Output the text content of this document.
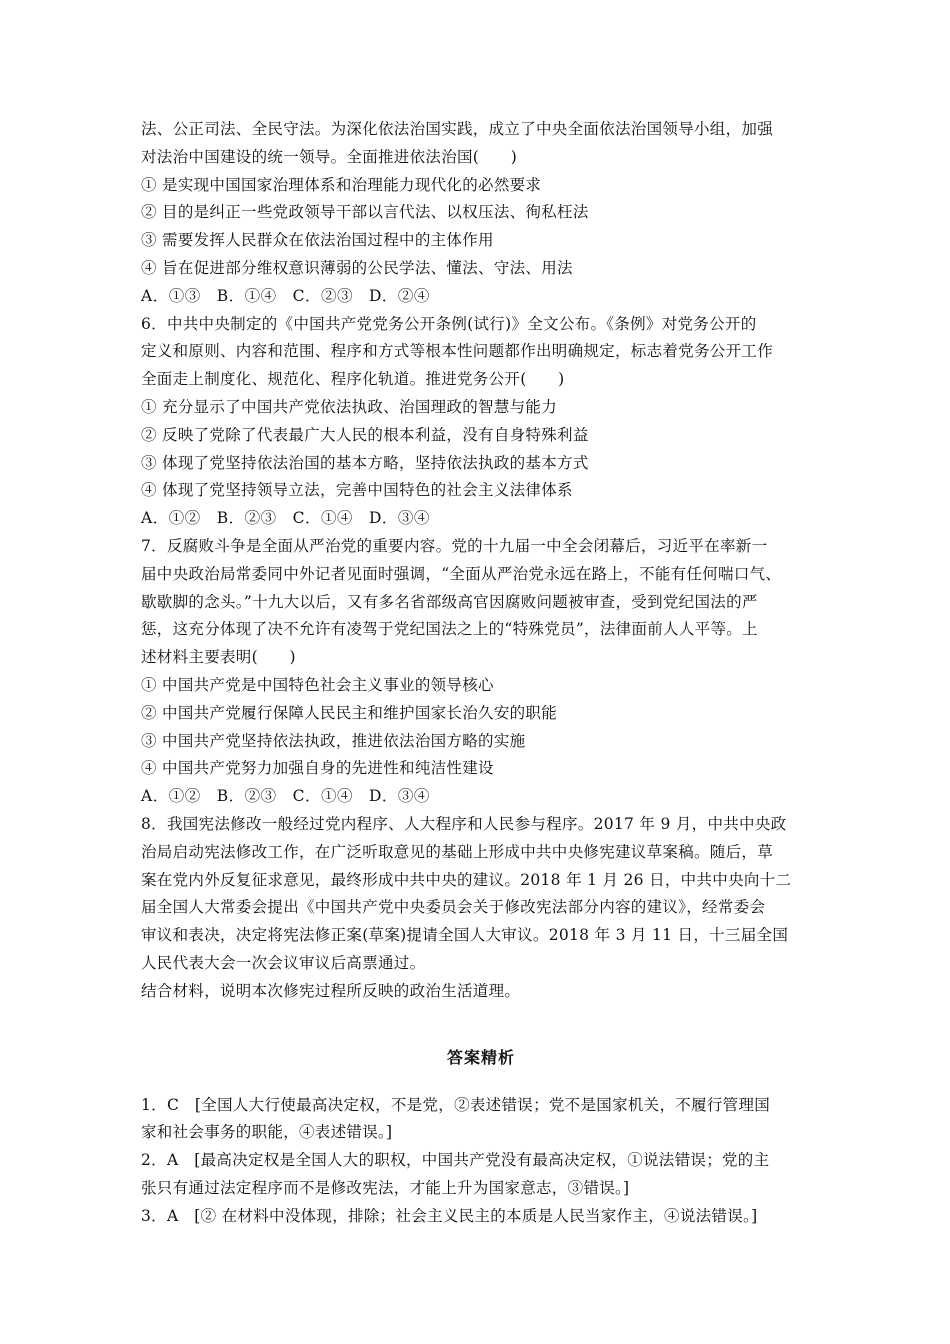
法、公正司法、全民守法。为深化依法治国实践，成立了中央全面依法治国领导小组，加强
对法治中国建设的统一领导。全面推进依法治国(　　)
① 是实现中国国家治理体系和治理能力现代化的必然要求
② 目的是纠正一些党政领导干部以言代法、以权压法、徇私枉法
③ 需要发挥人民群众在依法治国过程中的主体作用
④ 旨在促进部分维权意识薄弱的公民学法、懂法、守法、用法
A．①③　B．①④　C．②③　D．②④
6．中共中央制定的《中国共产党党务公开条例(试行)》全文公布。《条例》对党务公开的
定义和原则、内容和范围、程序和方式等根本性问题都作出明确规定，标志着党务公开工作
全面走上制度化、规范化、程序化轨道。推进党务公开(　　)
① 充分显示了中国共产党依法执政、治国理政的智慧与能力
② 反映了党除了代表最广大人民的根本利益，没有自身特殊利益
③ 体现了党坚持依法治国的基本方略，坚持依法执政的基本方式
④ 体现了党坚持领导立法，完善中国特色的社会主义法律体系
A．①②　B．②③　C．①④　D．③④
7．反腐败斗争是全面从严治党的重要内容。党的十九届一中全会闭幕后，习近平在率新一
届中央政治局常委同中外记者见面时强调，“全面从严治党永远在路上，不能有任何喘口气、
歇歇脚的念头。”十九大以后，又有多名省部级高官因腐败问题被审查，受到党纪国法的严
惩，这充分体现了决不允许有凌驾于党纪国法之上的“特殊党员”，法律面前人人平等。上
述材料主要表明(　　)
① 中国共产党是中国特色社会主义事业的领导核心
② 中国共产党履行保障人民民主和维护国家长治久安的职能
③ 中国共产党坚持依法执政，推进依法治国方略的实施
④ 中国共产党努力加强自身的先进性和纯洁性建设
A．①②　B．②③　C．①④　D．③④
8．我国宪法修改一般经过党内程序、人大程序和人民参与程序。2017 年 9 月，中共中央政
治局启动宪法修改工作，在广泛听取意见的基础上形成中共中央修宪建议草案稿。随后，草
案在党内外反复征求意见，最终形成中共中央的建议。2018 年 1 月 26 日，中共中央向十二
届全国人大常委会提出《中国共产党中央委员会关于修改宪法部分内容的建议》，经常委会
审议和表决，决定将宪法修正案(草案)提请全国人大审议。2018 年 3 月 11 日，十三届全国
人民代表大会一次会议审议后高票通过。
结合材料，说明本次修宪过程所反映的政治生活道理。
答案精析
1．C　[全国人大行使最高决定权，不是党，②表述错误；党不是国家机关，不履行管理国
家和社会事务的职能，④表述错误。]
2．A　[最高决定权是全国人大的职权，中国共产党没有最高决定权，①说法错误；党的主
张只有通过法定程序而不是修改宪法，才能上升为国家意志，③错误。]
3．A　[② 在材料中没体现，排除；社会主义民主的本质是人民当家作主，④说法错误。]
